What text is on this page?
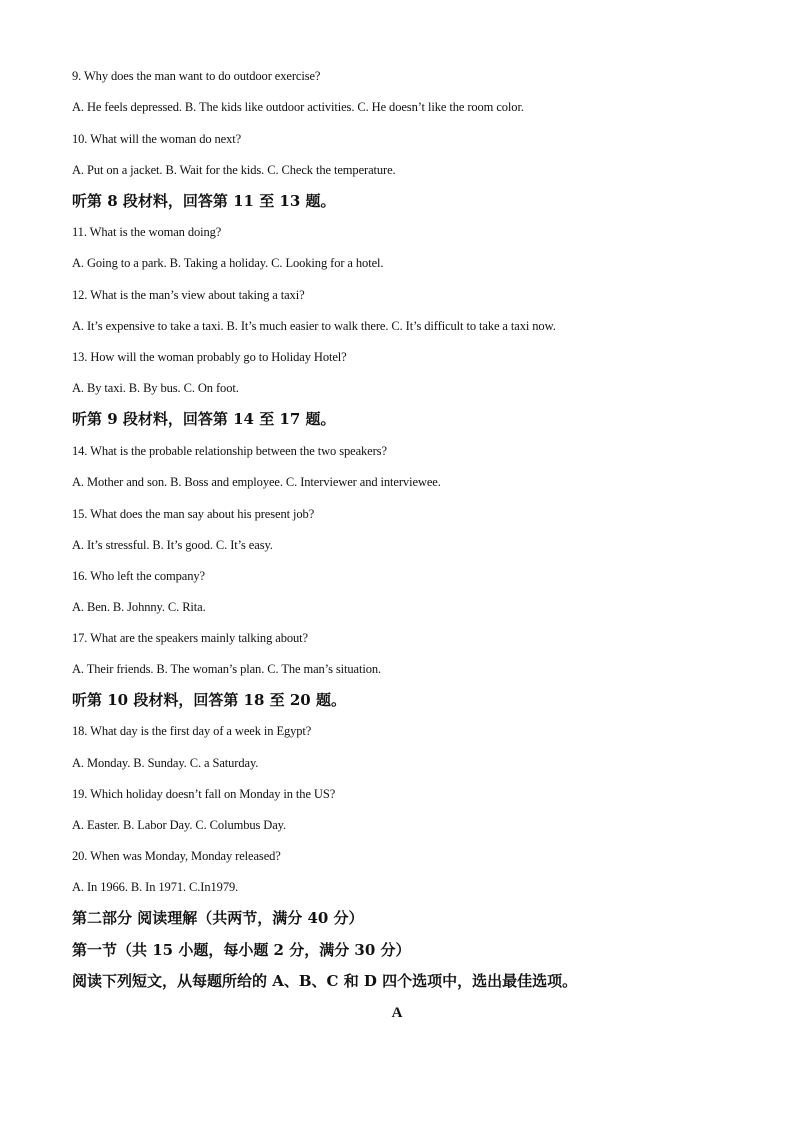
9. Why does the man want to do outdoor exercise?
A. He feels depressed. B. The kids like outdoor activities. C. He doesn’t like the room color.
10. What will the woman do next?
A. Put on a jacket. B. Wait for the kids. C. Check the temperature.
听第 8 段材料，回答第 11 至 13 题。
11. What is the woman doing?
A. Going to a park. B. Taking a holiday. C. Looking for a hotel.
12. What is the man’s view about taking a taxi?
A. It’s expensive to take a taxi. B. It’s much easier to walk there. C. It’s difficult to take a taxi now.
13. How will the woman probably go to Holiday Hotel?
A. By taxi. B. By bus. C. On foot.
听第 9 段材料，回答第 14 至 17 题。
14. What is the probable relationship between the two speakers?
A. Mother and son. B. Boss and employee. C. Interviewer and interviewee.
15. What does the man say about his present job?
A. It’s stressful. B. It’s good. C. It’s easy.
16. Who left the company?
A. Ben. B. Johnny. C. Rita.
17. What are the speakers mainly talking about?
A. Their friends. B. The woman’s plan. C. The man’s situation.
听第 10 段材料，回答第 18 至 20 题。
18. What day is the first day of a week in Egypt?
A. Monday. B. Sunday. C. a Saturday.
19. Which holiday doesn’t fall on Monday in the US?
A. Easter. B. Labor Day. C. Columbus Day.
20. When was Monday, Monday released?
A. In 1966. B. In 1971. C.In1979.
第二部分 阅读理解（共两节，满分 40 分）
第一节（共 15 小题，每小题 2 分，满分 30 分）
阅读下列短文，从每题所给的 A、B、C 和 D 四个选项中，选出最佳选项。
A
